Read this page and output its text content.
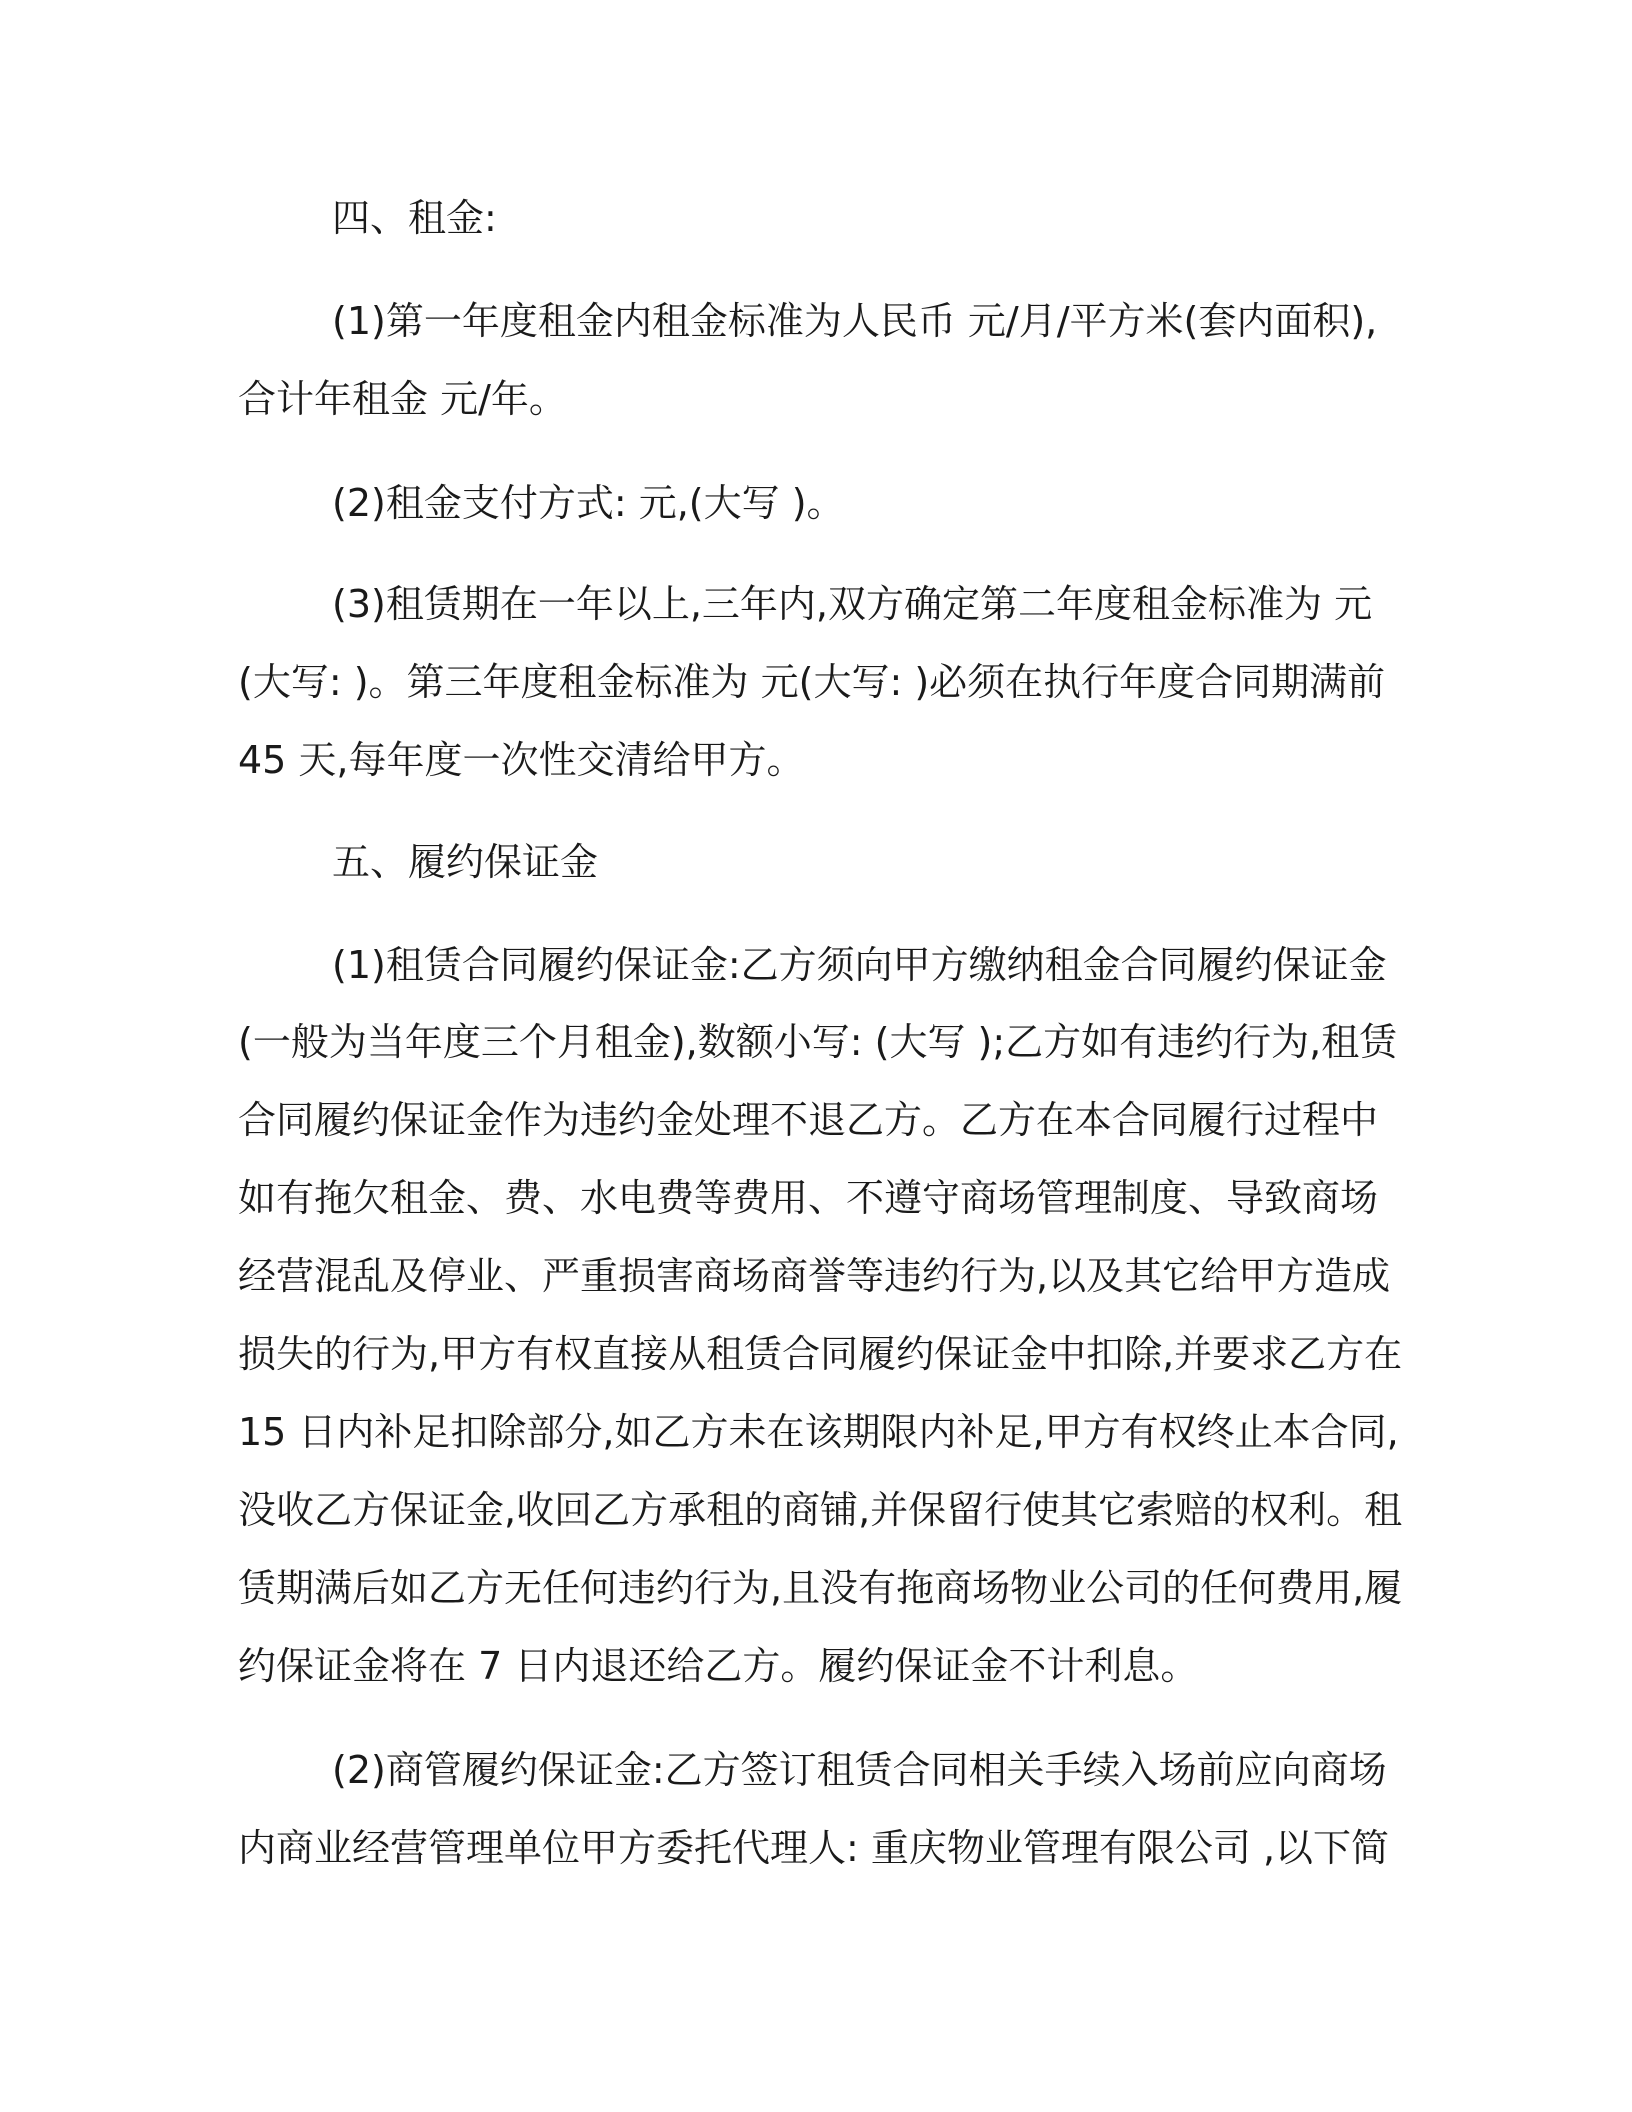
四、租金:
(1)第一年度租金内租金标准为人民币 元/月/平方米(套内面积),
合计年租金 元/年。
(2)租金支付方式: 元,(大写 )。
(3)租赁期在一年以上,三年内,双方确定第二年度租金标准为 元
(大写: )。第三年度租金标准为 元(大写: )必须在执行年度合同期满前
45 天,每年度一次性交清给甲方。
五、履约保证金
(1)租赁合同履约保证金:乙方须向甲方缴纳租金合同履约保证金
(一般为当年度三个月租金),数额小写: (大写 );乙方如有违约行为,租赁
合同履约保证金作为违约金处理不退乙方。乙方在本合同履行过程中
如有拖欠租金、费、水电费等费用、不遵守商场管理制度、导致商场
经营混乱及停业、严重损害商场商誉等违约行为,以及其它给甲方造成
损失的行为,甲方有权直接从租赁合同履约保证金中扣除,并要求乙方在
15 日内补足扣除部分,如乙方未在该期限内补足,甲方有权终止本合同,
没收乙方保证金,收回乙方承租的商铺,并保留行使其它索赔的权利。租
赁期满后如乙方无任何违约行为,且没有拖商场物业公司的任何费用,履
约保证金将在 7 日内退还给乙方。履约保证金不计利息。
(2)商管履约保证金:乙方签订租赁合同相关手续入场前应向商场
内商业经营管理单位甲方委托代理人: 重庆物业管理有限公司 ,以下简
